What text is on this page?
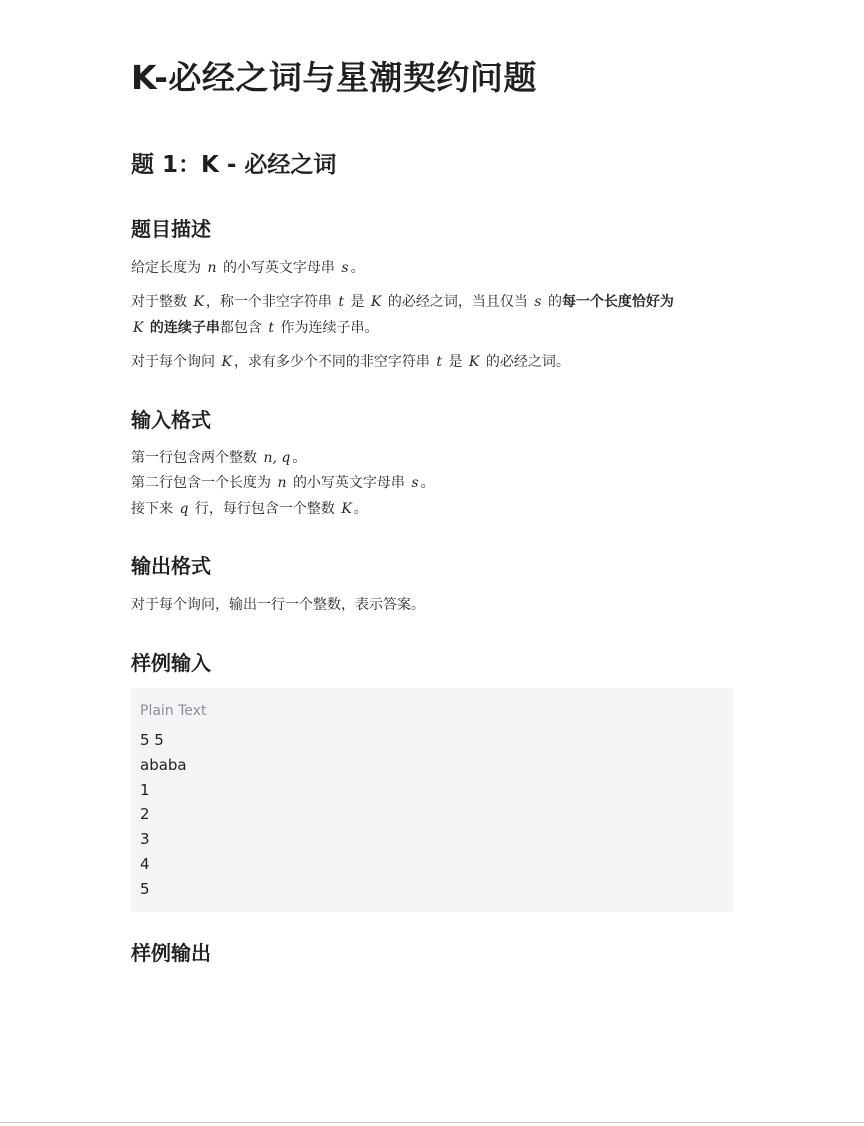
K-必经之词与星潮契约问题
题 1：K - 必经之词
题目描述

给定长度为 n 的小写英文字母串 s 。

对于整数 K ，称一个非空字符串 t 是 K 的必经之词，当且仅当 s 的每一个长度恰好为
K 的连续子串都包含 t 作为连续子串。

对于每个询问 K ，求有多少个不同的非空字符串 t 是 K 的必经之词。

输入格式

第一行包含两个整数 n, q 。

第二行包含一个长度为 n 的小写英文字母串 s 。

接下来 q 行，每行包含一个整数 K 。

输出格式

对于每个询问，输出一行一个整数，表示答案。

样例输入
Plain Text
5 5
ababa
1
2
3
4
5
样例输出
